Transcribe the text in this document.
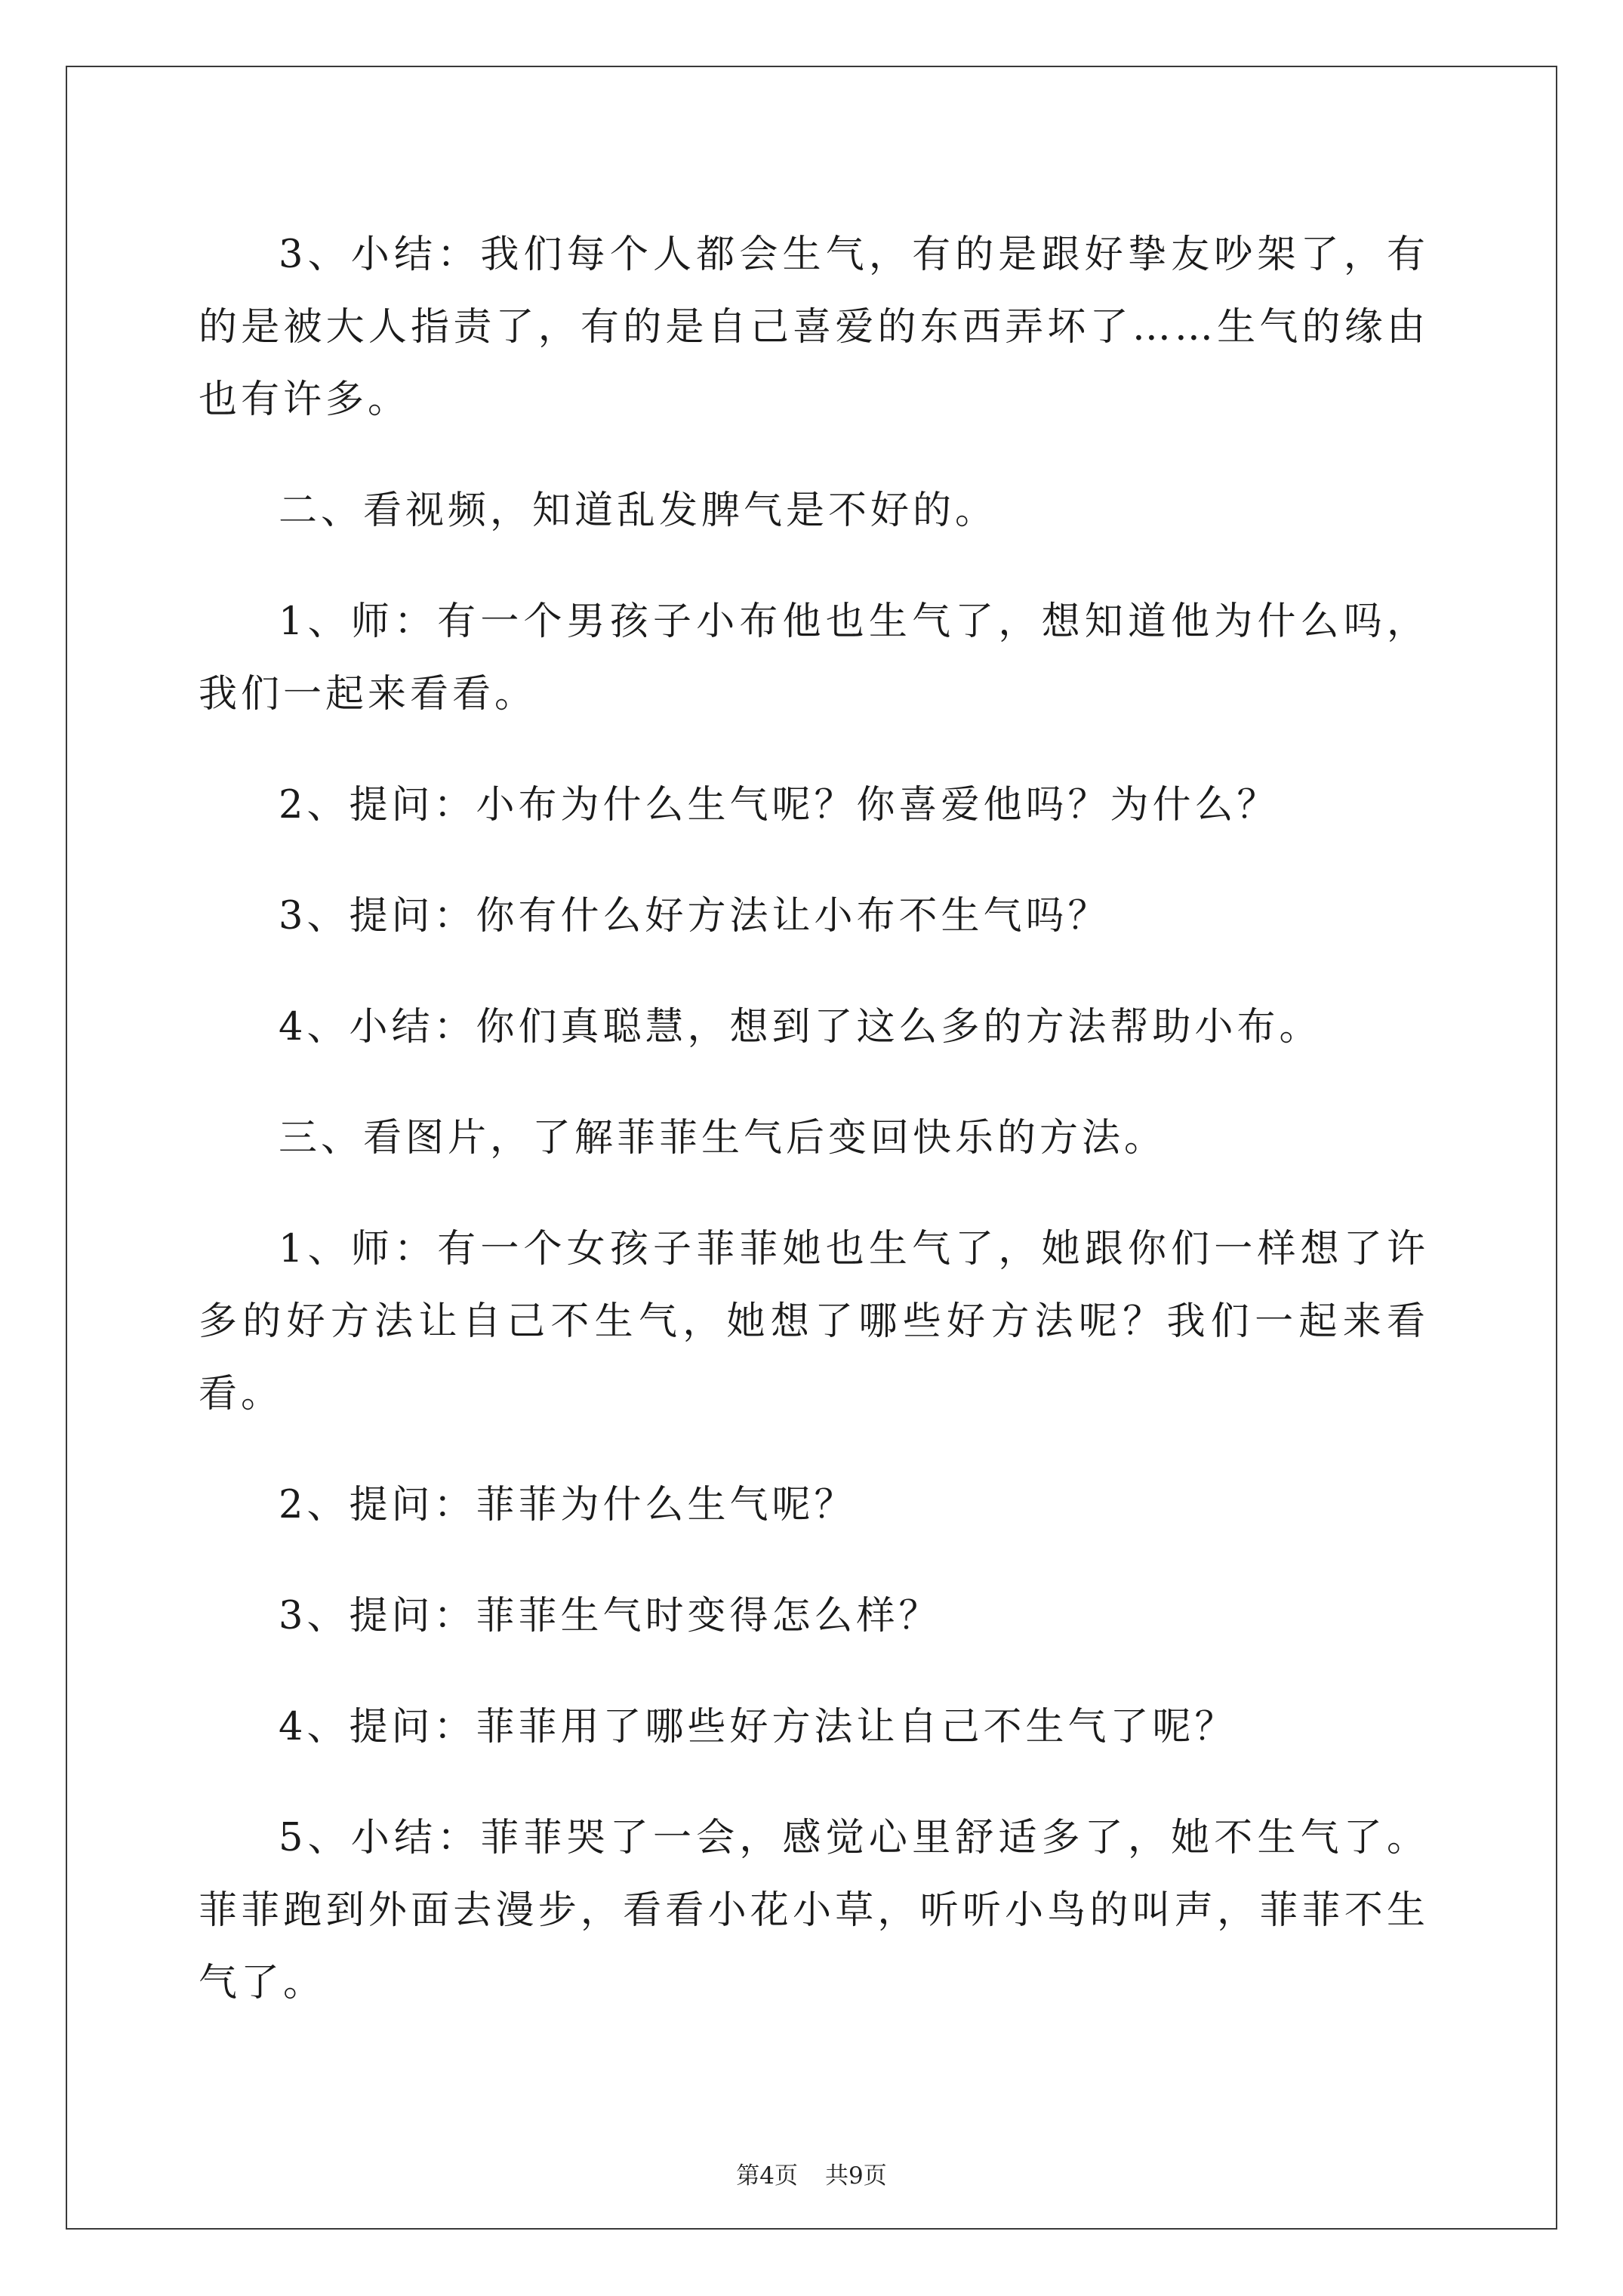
3、小结：我们每个人都会生气，有的是跟好挚友吵架了，有的是被大人指责了，有的是自己喜爱的东西弄坏了……生气的缘由也有许多。

二、看视频，知道乱发脾气是不好的。

1、师：有一个男孩子小布他也生气了，想知道他为什么吗，我们一起来看看。

2、提问：小布为什么生气呢？你喜爱他吗？为什么？

3、提问：你有什么好方法让小布不生气吗？

4、小结：你们真聪慧，想到了这么多的方法帮助小布。

三、看图片，了解菲菲生气后变回快乐的方法。

1、师：有一个女孩子菲菲她也生气了，她跟你们一样想了许多的好方法让自己不生气，她想了哪些好方法呢？我们一起来看看。

2、提问：菲菲为什么生气呢？

3、提问：菲菲生气时变得怎么样？

4、提问：菲菲用了哪些好方法让自己不生气了呢？

5、小结：菲菲哭了一会，感觉心里舒适多了，她不生气了。菲菲跑到外面去漫步，看看小花小草，听听小鸟的叫声，菲菲不生气了。

第4页 共9页
